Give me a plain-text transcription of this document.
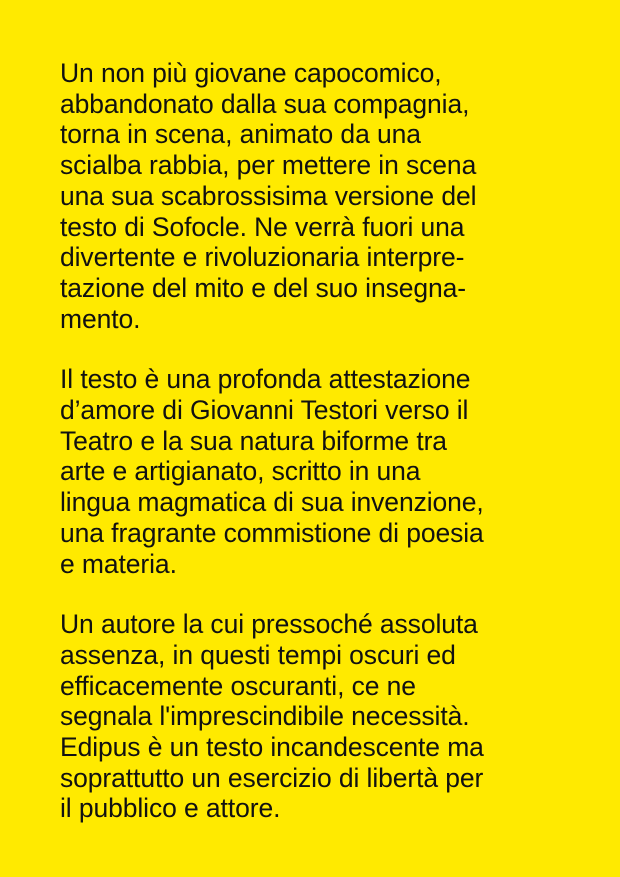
Un non più giovane capocomico,
abbandonato dalla sua compagnia,
torna in scena, animato da una
scialba rabbia, per mettere in scena
una sua scabrossisima versione del
testo di Sofocle. Ne verrà fuori una
divertente e rivoluzionaria interpre-
tazione del mito e del suo insegna-
mento.

Il testo è una profonda attestazione
d’amore di Giovanni Testori verso il
Teatro e la sua natura biforme tra
arte e artigianato, scritto in una
lingua magmatica di sua invenzione,
una fragrante commistione di poesia
e materia.

Un autore la cui pressoché assoluta
assenza, in questi tempi oscuri ed
efficacemente oscuranti, ce ne
segnala l'imprescindibile necessità.
Edipus è un testo incandescente ma
soprattutto un esercizio di libertà per
il pubblico e attore.
